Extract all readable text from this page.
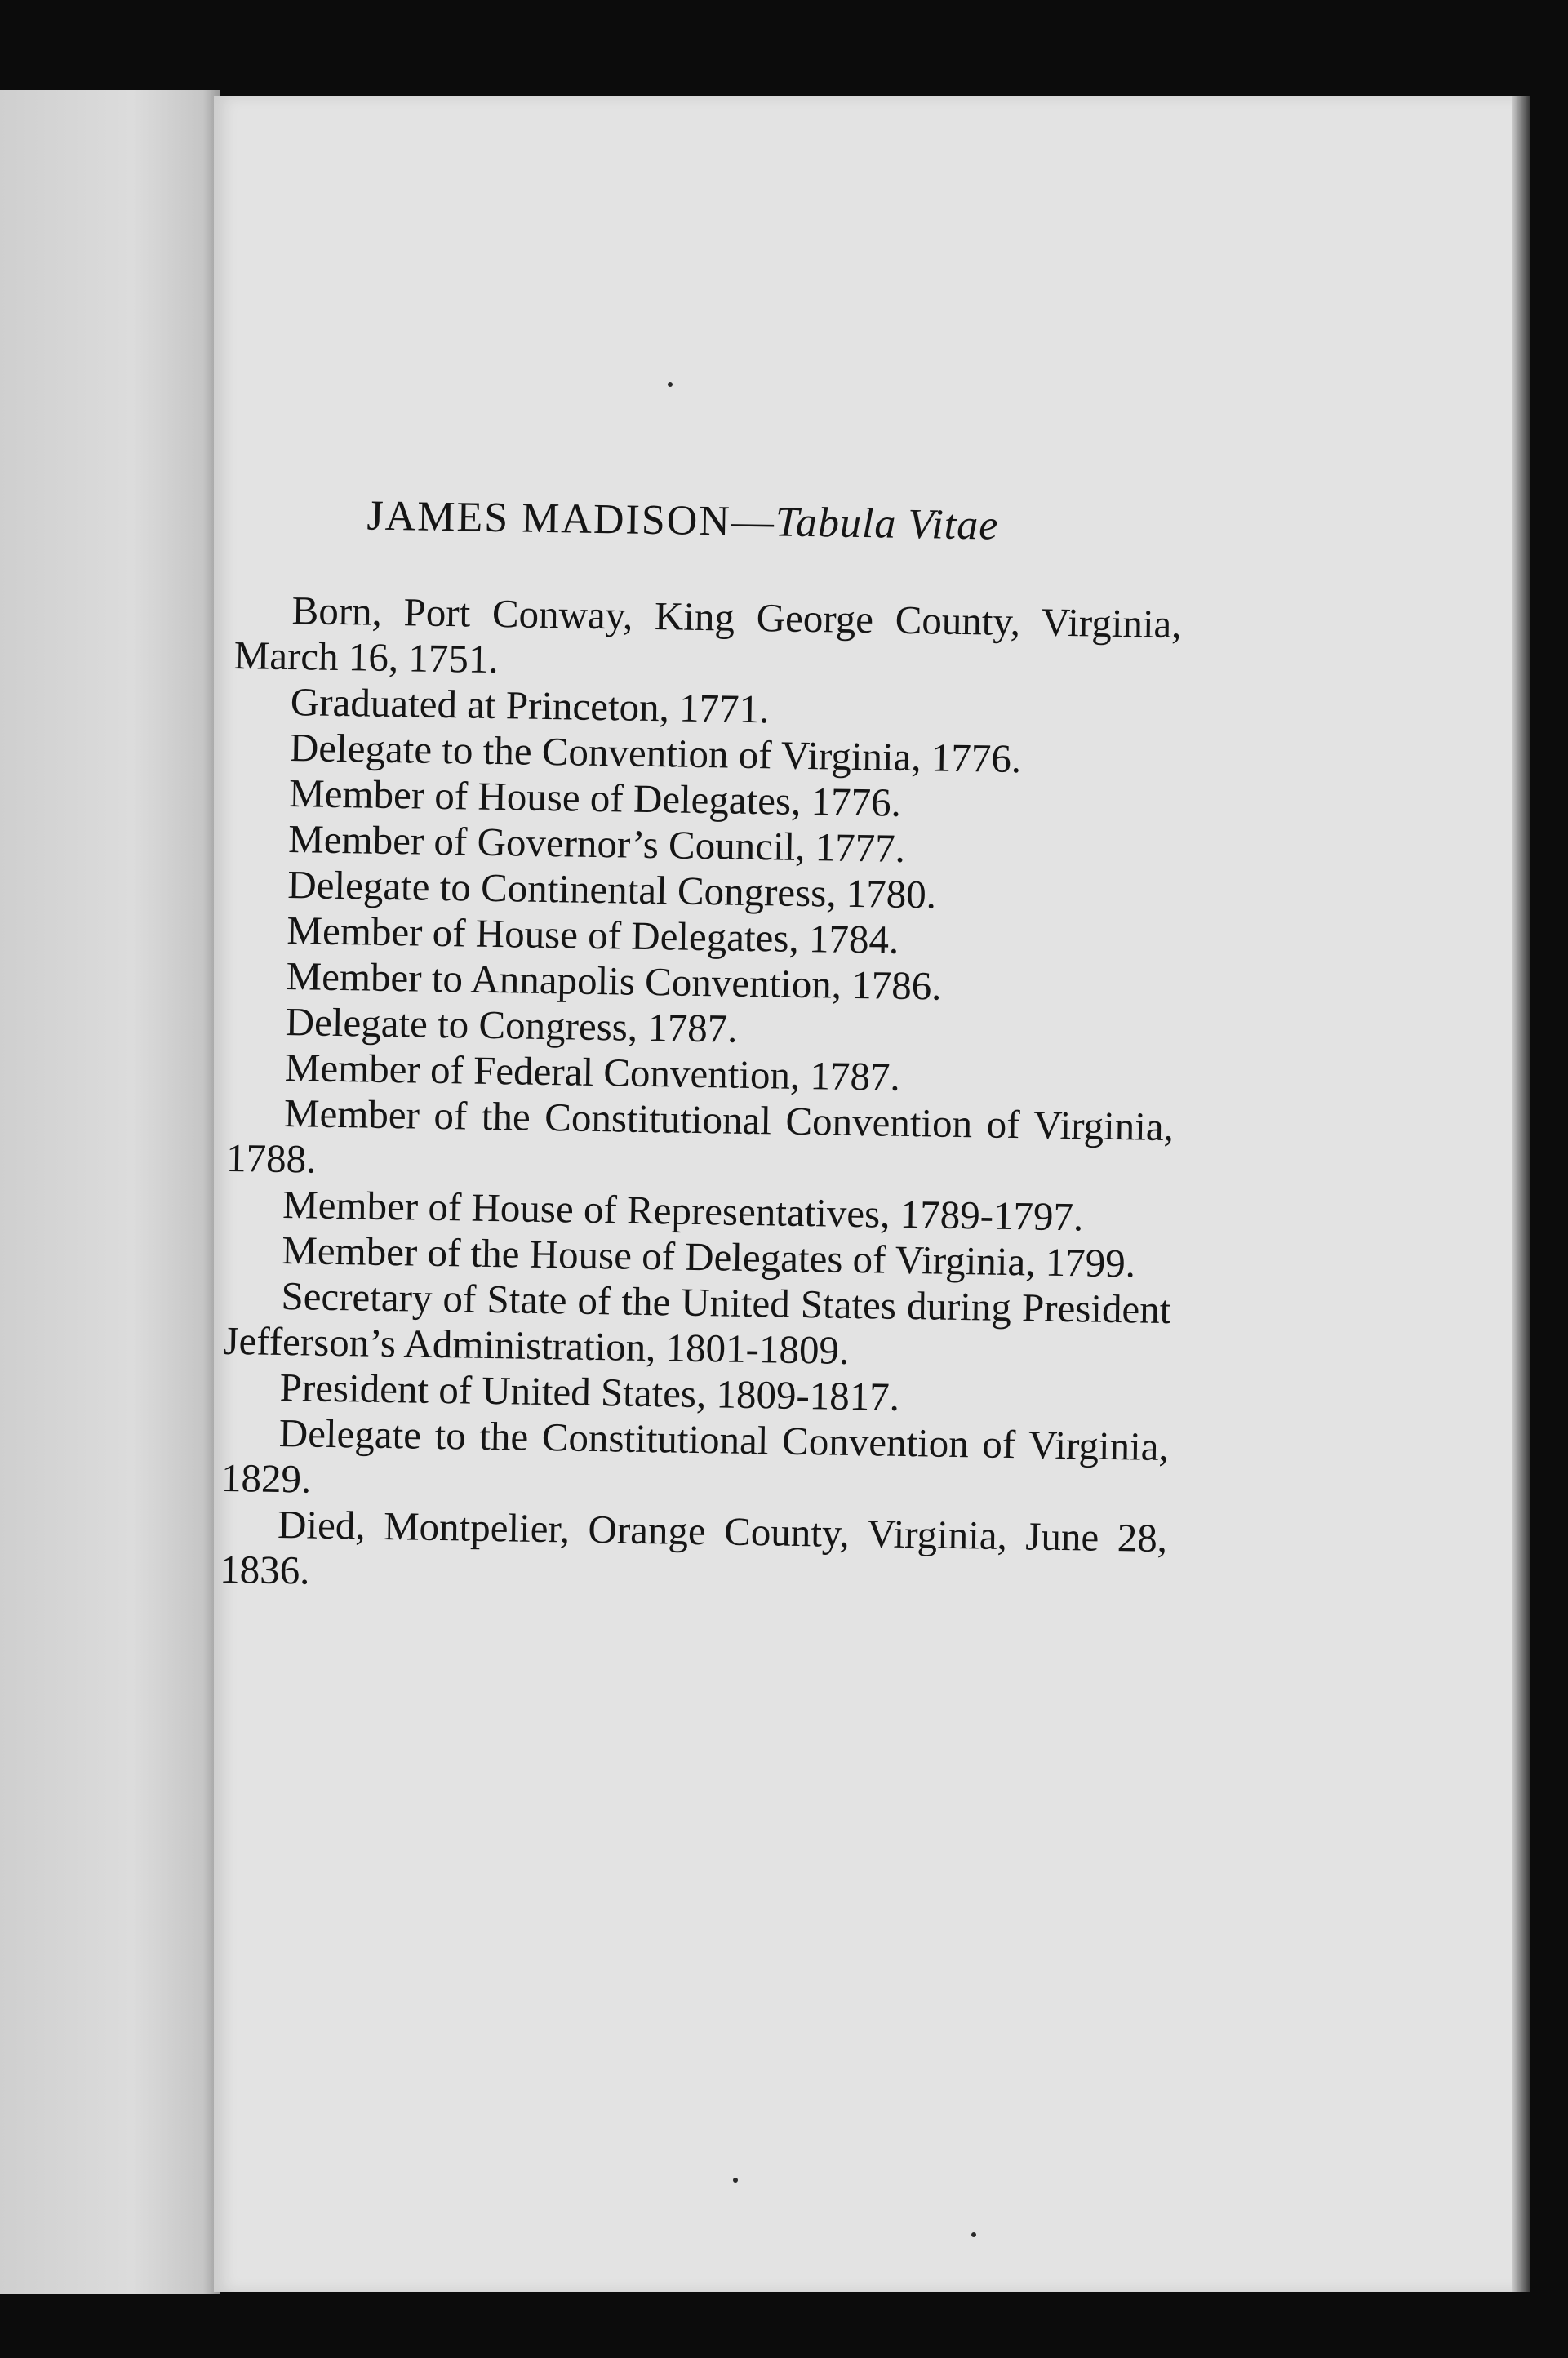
JAMES MADISON—Tabula Vitae

Born, Port Conway, King George County, Virginia, March 16, 1751.

Graduated at Princeton, 1771.

Delegate to the Convention of Virginia, 1776.

Member of House of Delegates, 1776.

Member of Governor’s Council, 1777.

Delegate to Continental Congress, 1780.

Member of House of Delegates, 1784.

Member to Annapolis Convention, 1786.

Delegate to Congress, 1787.

Member of Federal Convention, 1787.

Member of the Constitutional Convention of Virginia, 1788.

Member of House of Representatives, 1789-1797.

Member of the House of Delegates of Virginia, 1799.

Secretary of State of the United States during President Jefferson’s Administration, 1801-1809.

President of United States, 1809-1817.

Delegate to the Constitutional Convention of Virginia, 1829.

Died, Montpelier, Orange County, Virginia, June 28, 1836.
